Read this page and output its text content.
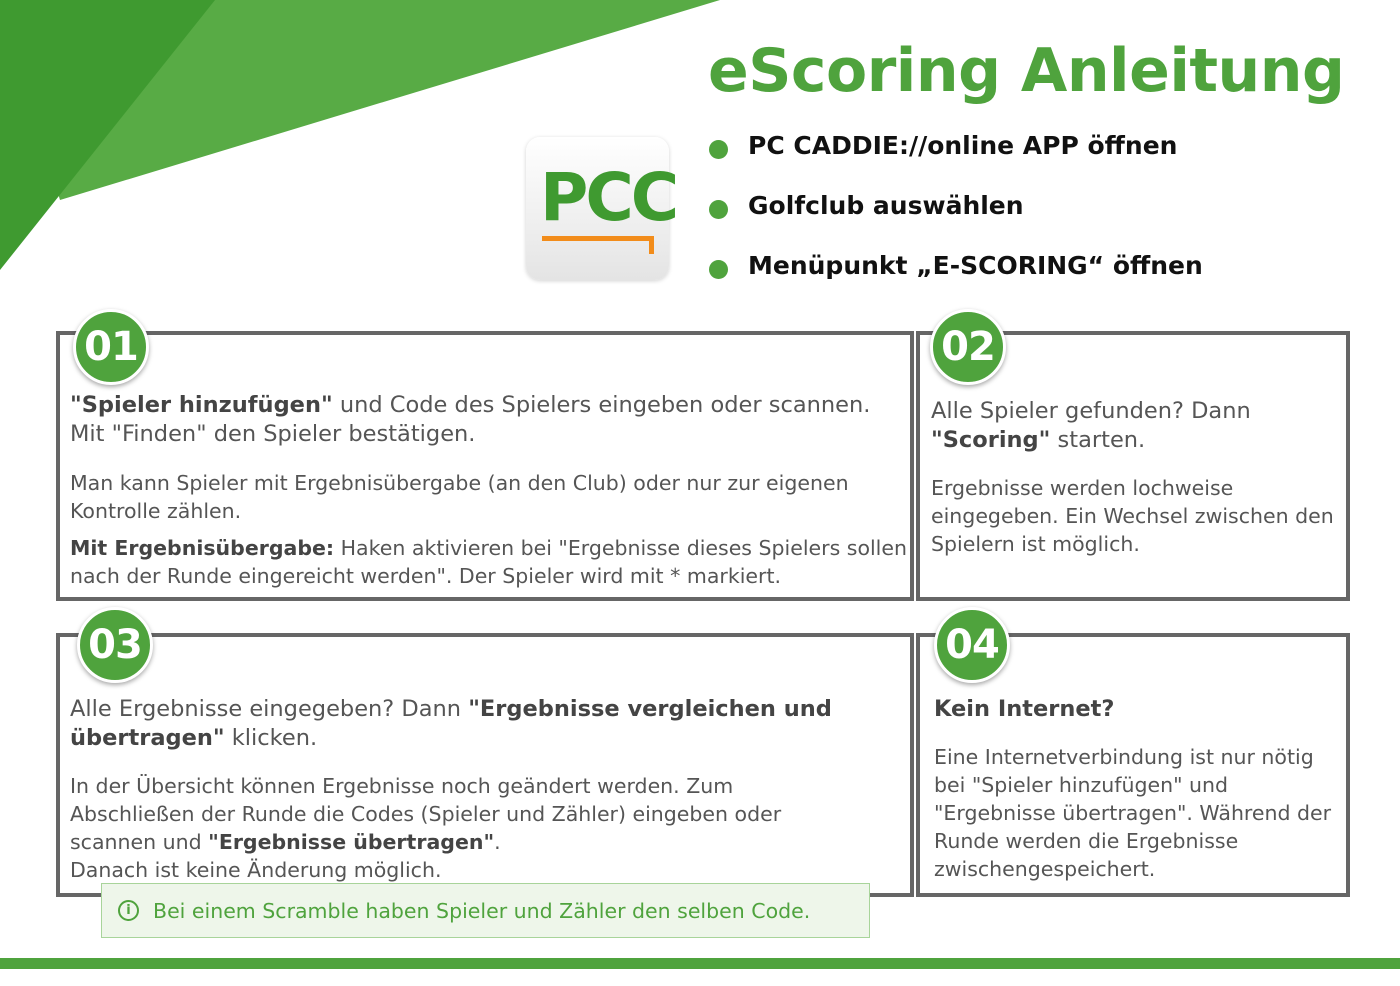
eScoring Anleitung
PCC
PC CADDIE://online APP öffnen
Golfclub auswählen
Menüpunkt „E-SCORING“ öffnen
"Spieler hinzufügen" und Code des Spielers eingeben oder scannen.
Mit "Finden" den Spieler bestätigen.
Man kann Spieler mit Ergebnisübergabe (an den Club) oder nur zur eigenen Kontrolle zählen.
Mit Ergebnisübergabe: Haken aktivieren bei "Ergebnisse dieses Spielers sollen nach der Runde eingereicht werden". Der Spieler wird mit * markiert.
01
Alle Spieler gefunden? Dann
"Scoring" starten.
Ergebnisse werden lochweise eingegeben. Ein Wechsel zwischen den Spielern ist möglich.
02
Alle Ergebnisse eingegeben? Dann "Ergebnisse vergleichen und übertragen" klicken.
In der Übersicht können Ergebnisse noch geändert werden. Zum Abschließen der Runde die Codes (Spieler und Zähler) eingeben oder scannen und "Ergebnisse übertragen".
Danach ist keine Änderung möglich.
03
Kein Internet?
Eine Internetverbindung ist nur nötig bei "Spieler hinzufügen" und "Ergebnisse übertragen". Während der Runde werden die Ergebnisse zwischengespeichert.
04
i	Bei einem Scramble haben Spieler und Zähler den selben Code.
